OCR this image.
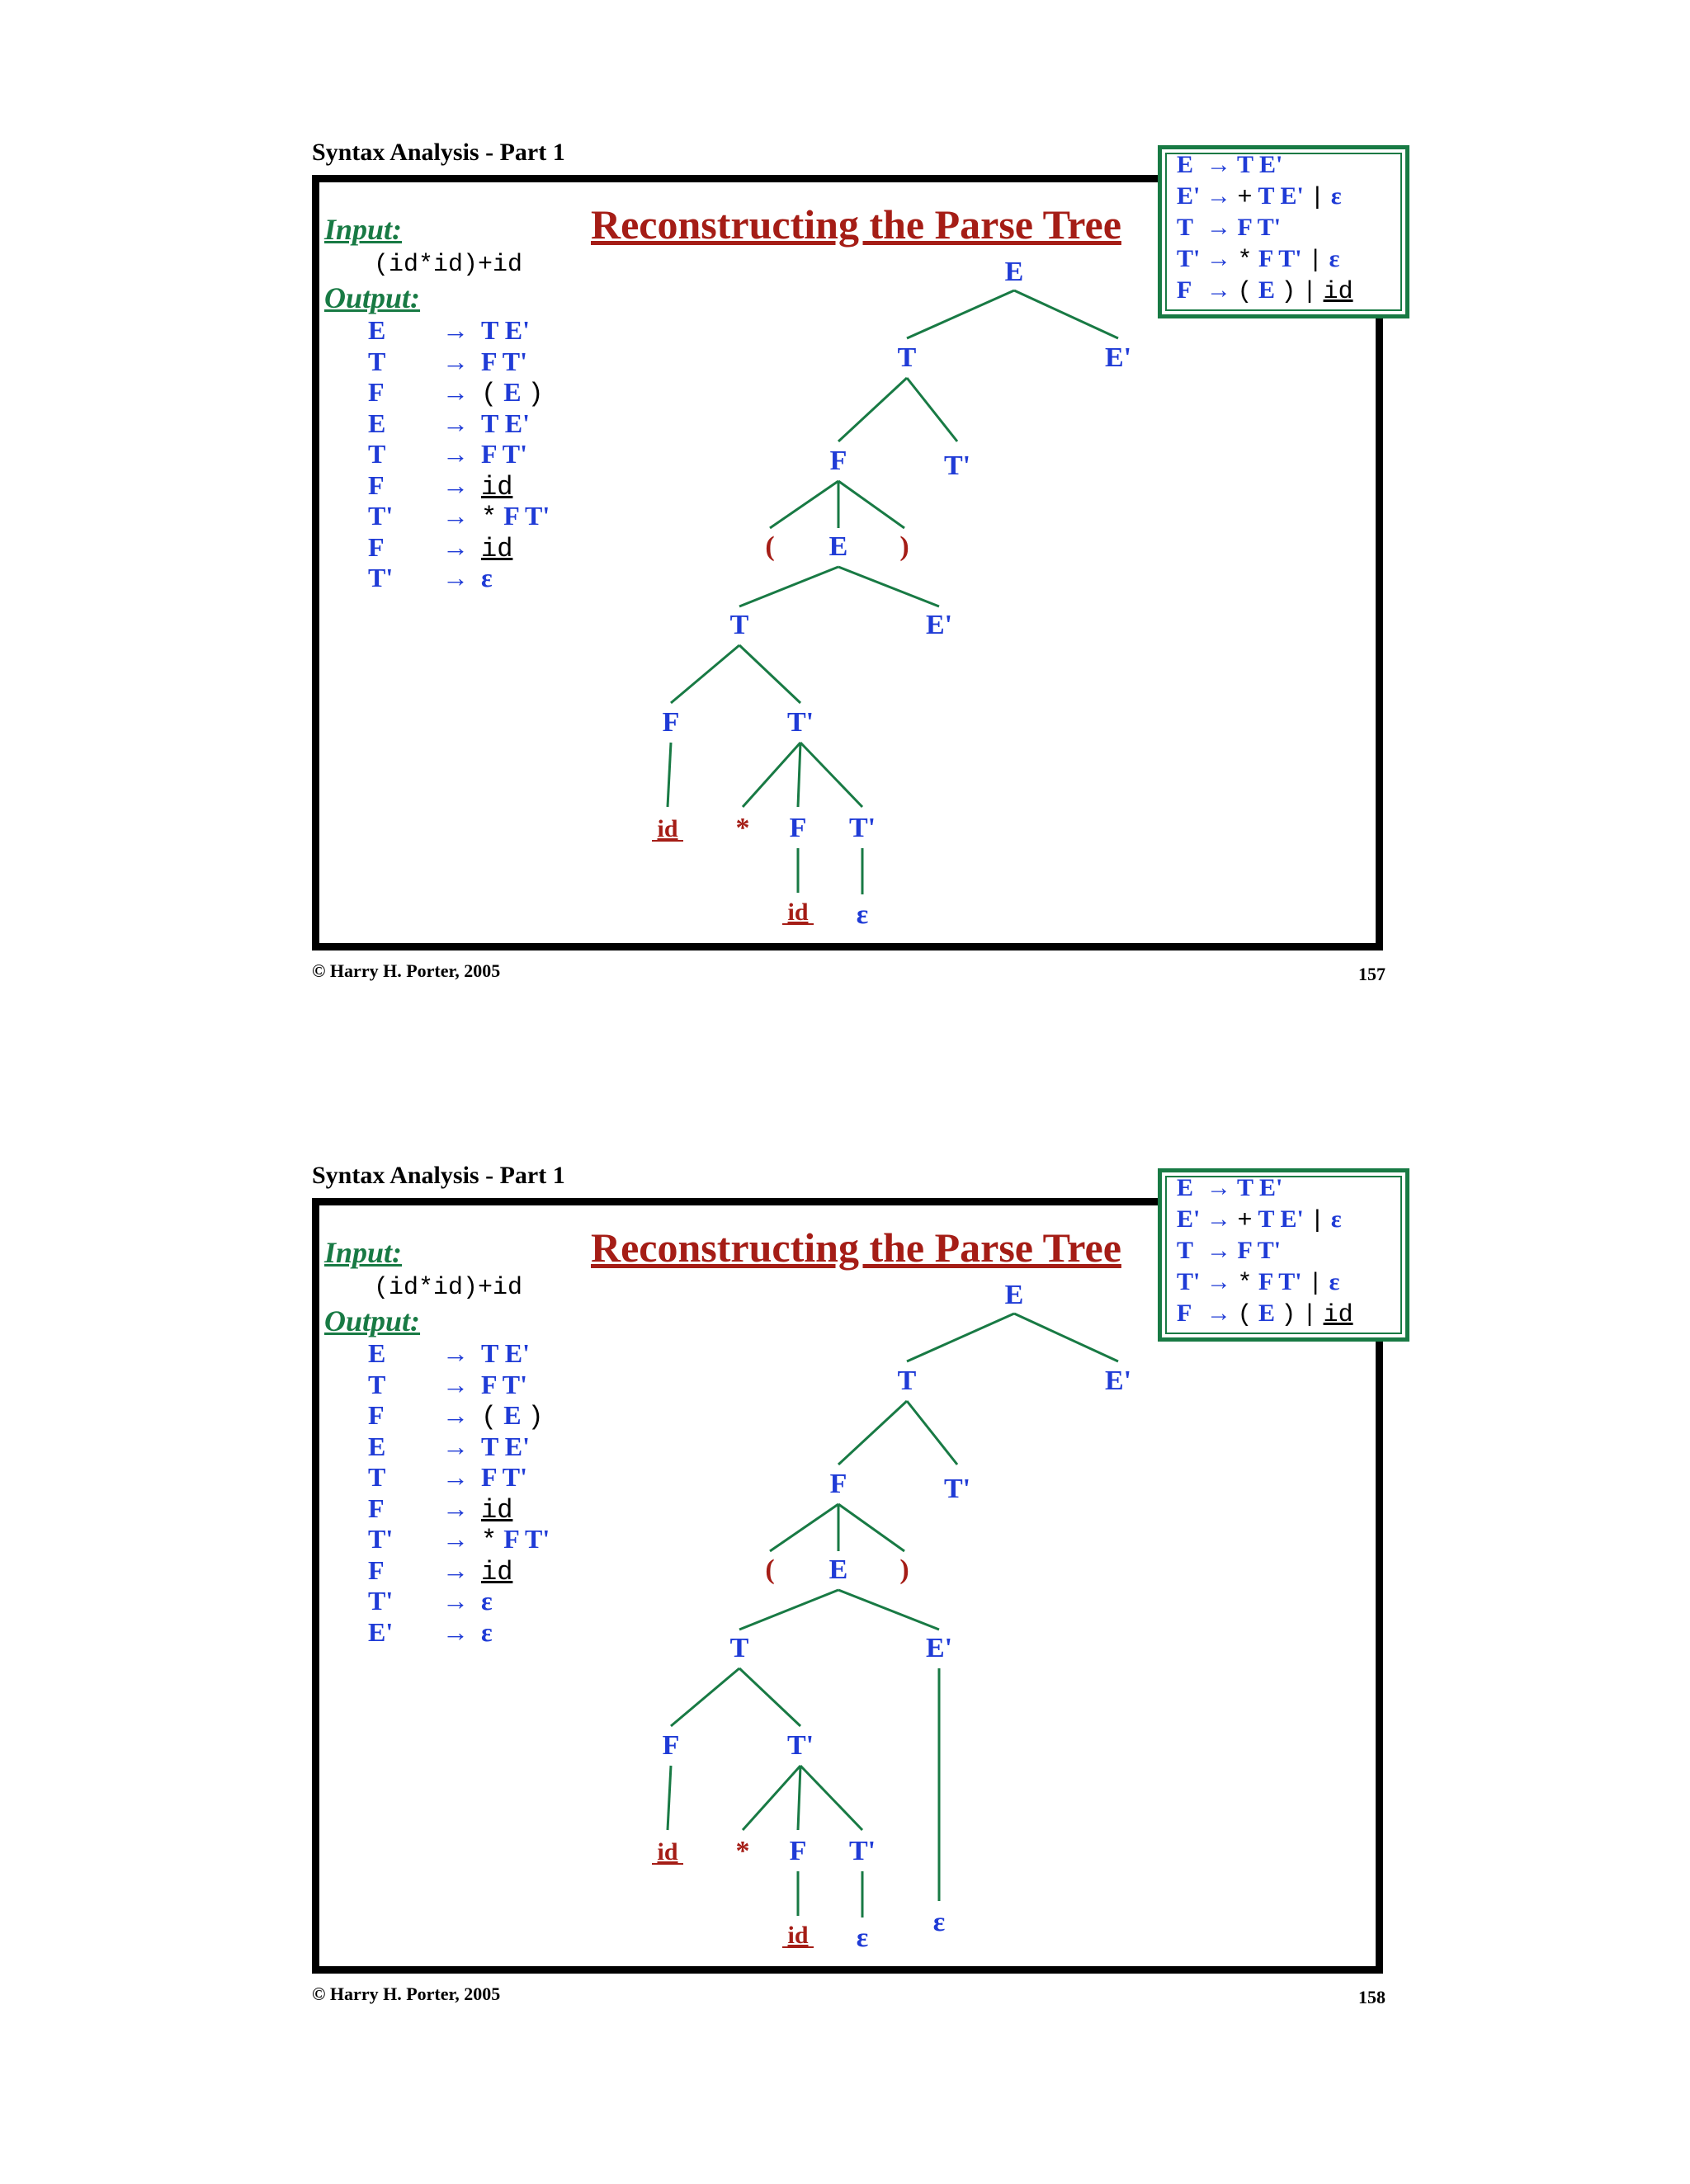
Syntax Analysis - Part 1
Reconstructing the Parse Tree
Input:
(id*id)+id
Output:
E → T E'
T → F T'
F → ( E )
E → T E'
T → F T'
F → id
T' → * F T'
F → id
T' → ε
© Harry H. Porter, 2005	157
E → T E'
E' → + T E' | ε
T → F T'
T' → * F T' | ε
F → ( E ) | id
E
T	E'
F	T'
( E )
T	E'
F	T'
id * F T'
id ε
Syntax Analysis - Part 1
Reconstructing the Parse Tree
Input:
(id*id)+id
Output:
E → T E'
T → F T'
F → ( E )
E → T E'
T → F T'
F → id
T' → * F T'
F → id
T' → ε
E' → ε
© Harry H. Porter, 2005	158
E → T E'
E' → + T E' | ε
T → F T'
T' → * F T' | ε
F → ( E ) | id
E
T	E'
F	T'
( E )
T	E'
F	T'
id * F T'
id ε
ε
